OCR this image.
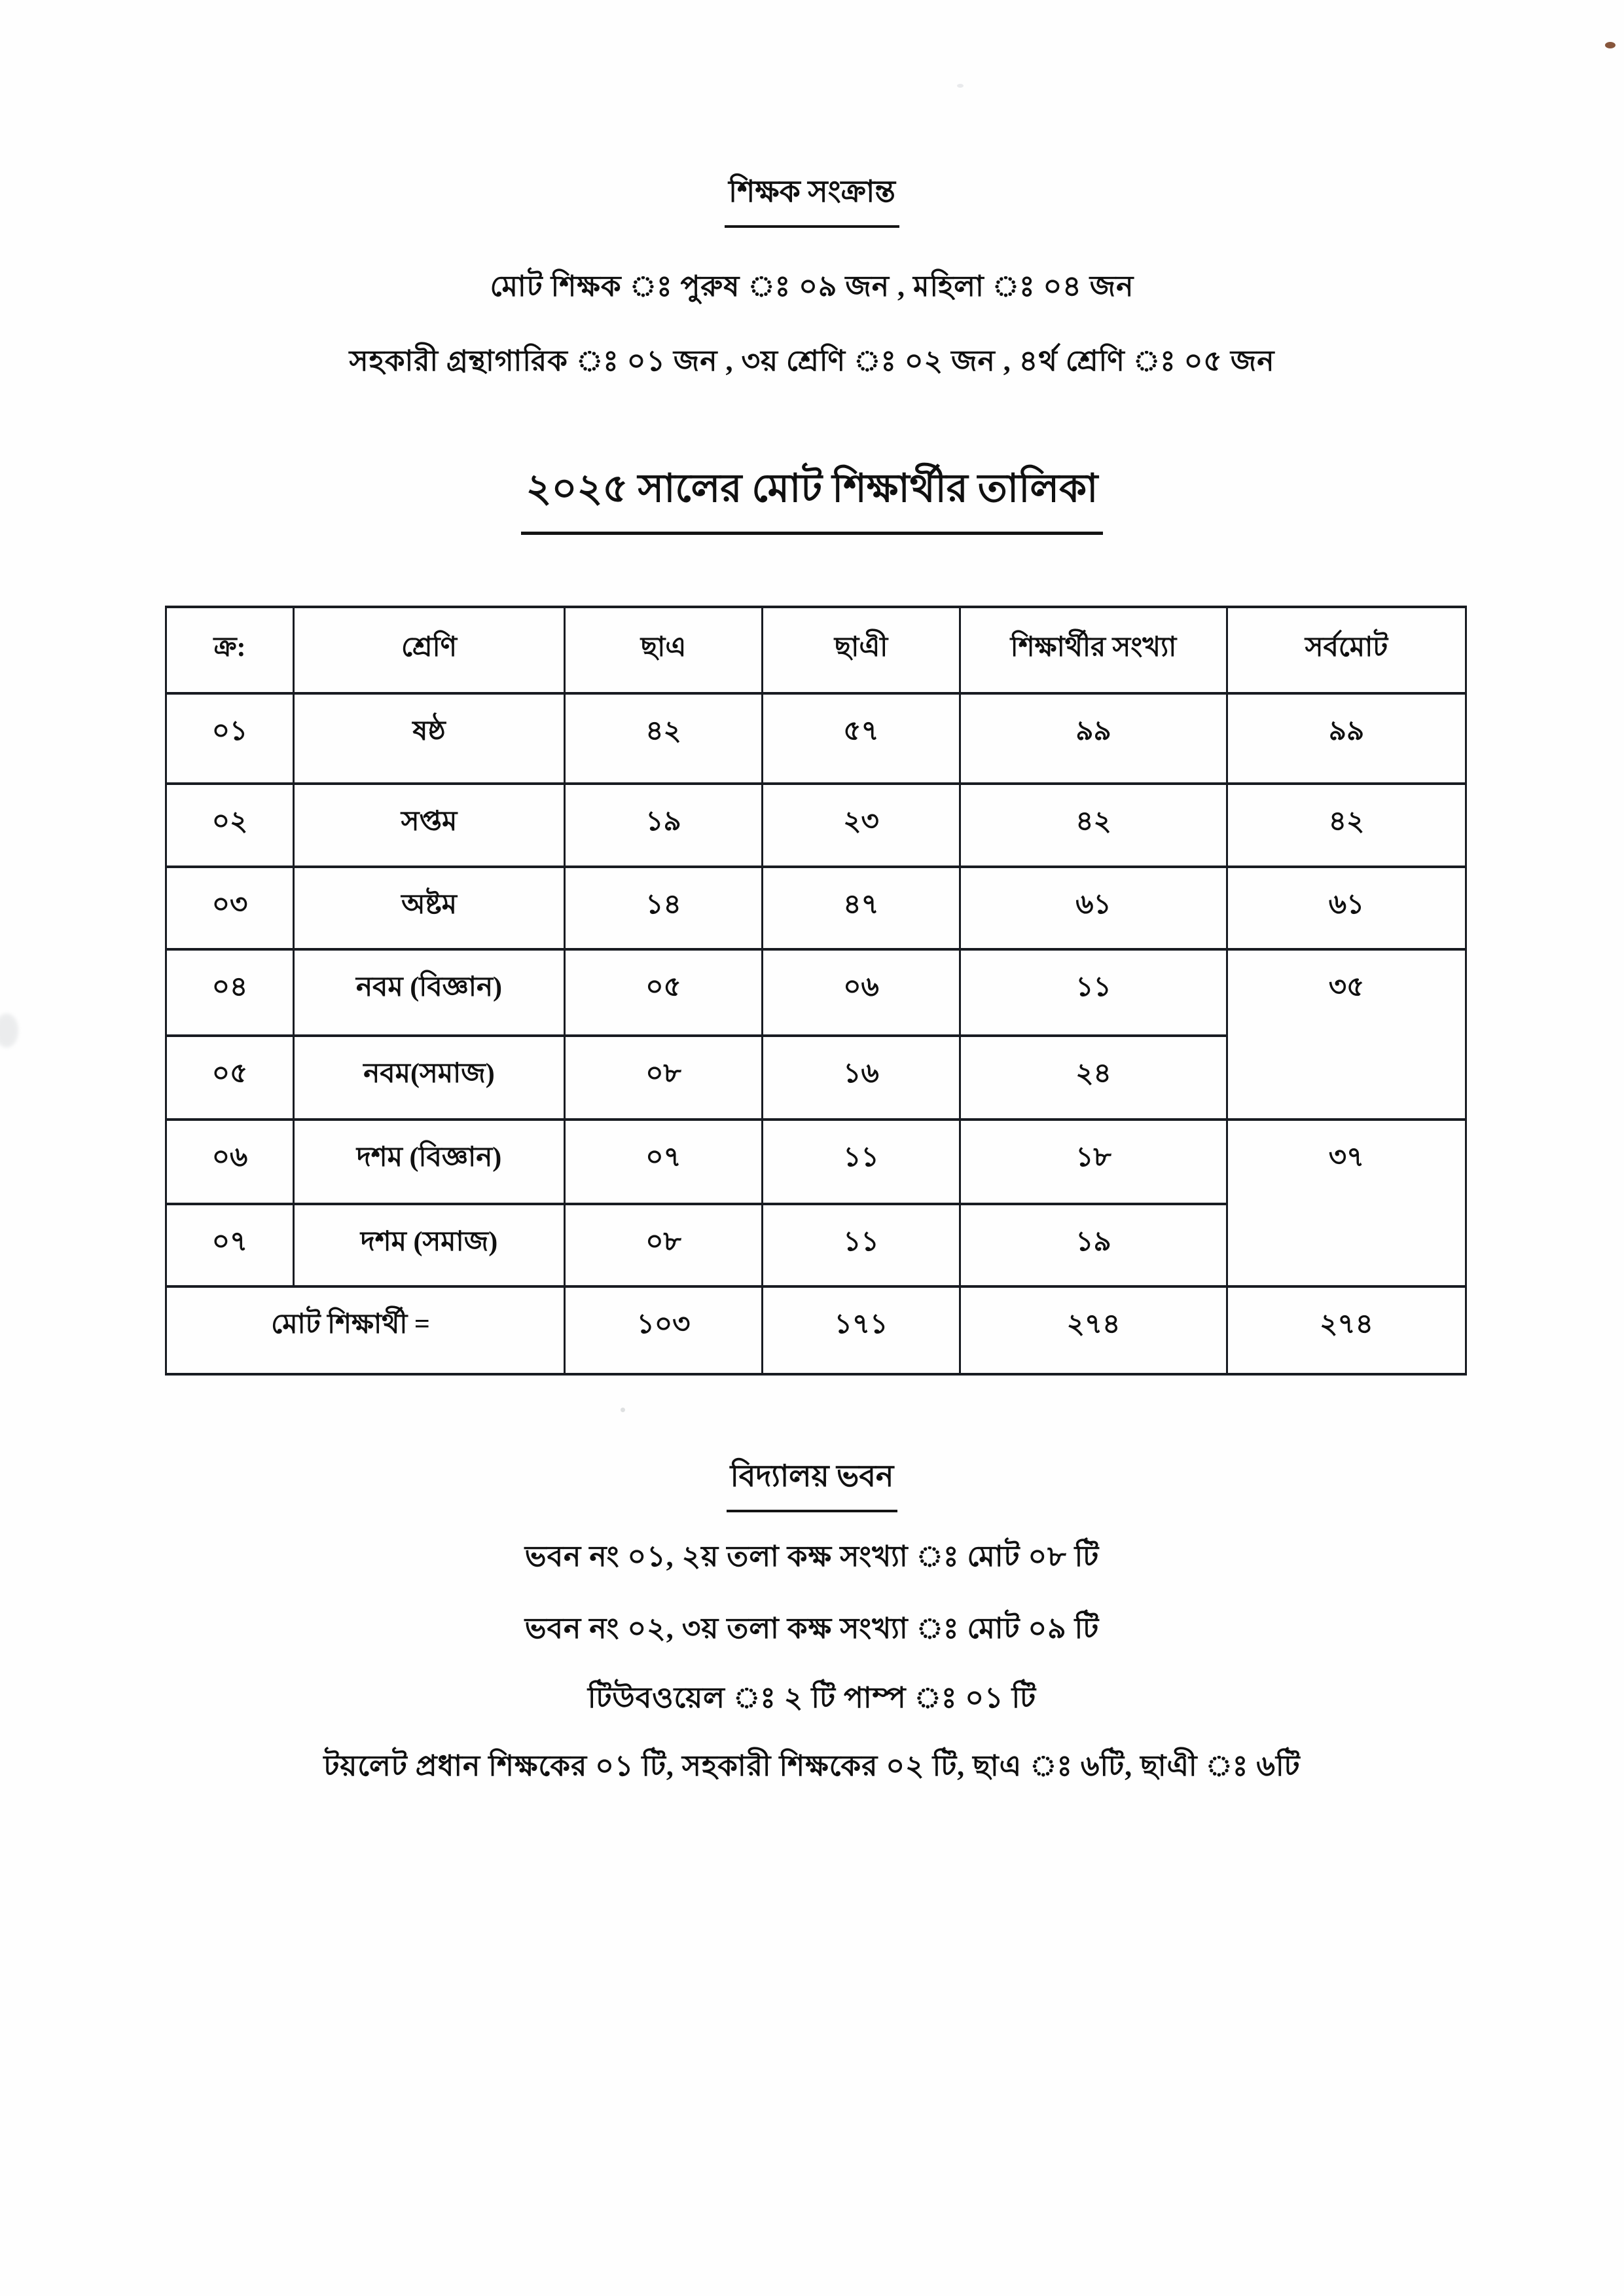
শিক্ষক সংক্রান্ত
মোট শিক্ষক ঃ পুরুষ ঃ ০৯ জন , মহিলা ঃ ০৪ জন
সহকারী গ্রন্থাগারিক ঃ ০১ জন , ৩য় শ্রেণি ঃ ০২ জন , ৪র্থ শ্রেণি ঃ ০৫ জন
২০২৫ সালের মোট শিক্ষার্থীর তালিকা
ক্র:	শ্রেণি	ছাএ	ছাএী	শিক্ষার্থীর সংখ্যা	সর্বমোট
০১	ষষ্ঠ	৪২	৫৭	৯৯	৯৯
০২	সপ্তম	১৯	২৩	৪২	৪২
০৩	অষ্টম	১৪	৪৭	৬১	৬১
০৪	নবম (বিজ্ঞান)	০৫	০৬	১১	৩৫
০৫	নবম(সমাজ)	০৮	১৬	২৪	
০৬	দশম (বিজ্ঞান)	০৭	১১	১৮	৩৭
০৭	দশম (সমাজ)	০৮	১১	১৯	
মোট শিক্ষার্থী =		১০৩	১৭১	২৭৪	২৭৪
বিদ্যালয় ভবন
ভবন নং ০১, ২য় তলা কক্ষ সংখ্যা ঃ মোট ০৮ টি
ভবন নং ০২, ৩য় তলা কক্ষ সংখ্যা ঃ মোট ০৯ টি
টিউবওয়েল ঃ ২ টি পাম্প ঃ ০১ টি
টয়লেট প্রধান শিক্ষকের ০১ টি, সহকারী শিক্ষকের ০২ টি, ছাএ ঃ ৬টি, ছাএী ঃ ৬টি
